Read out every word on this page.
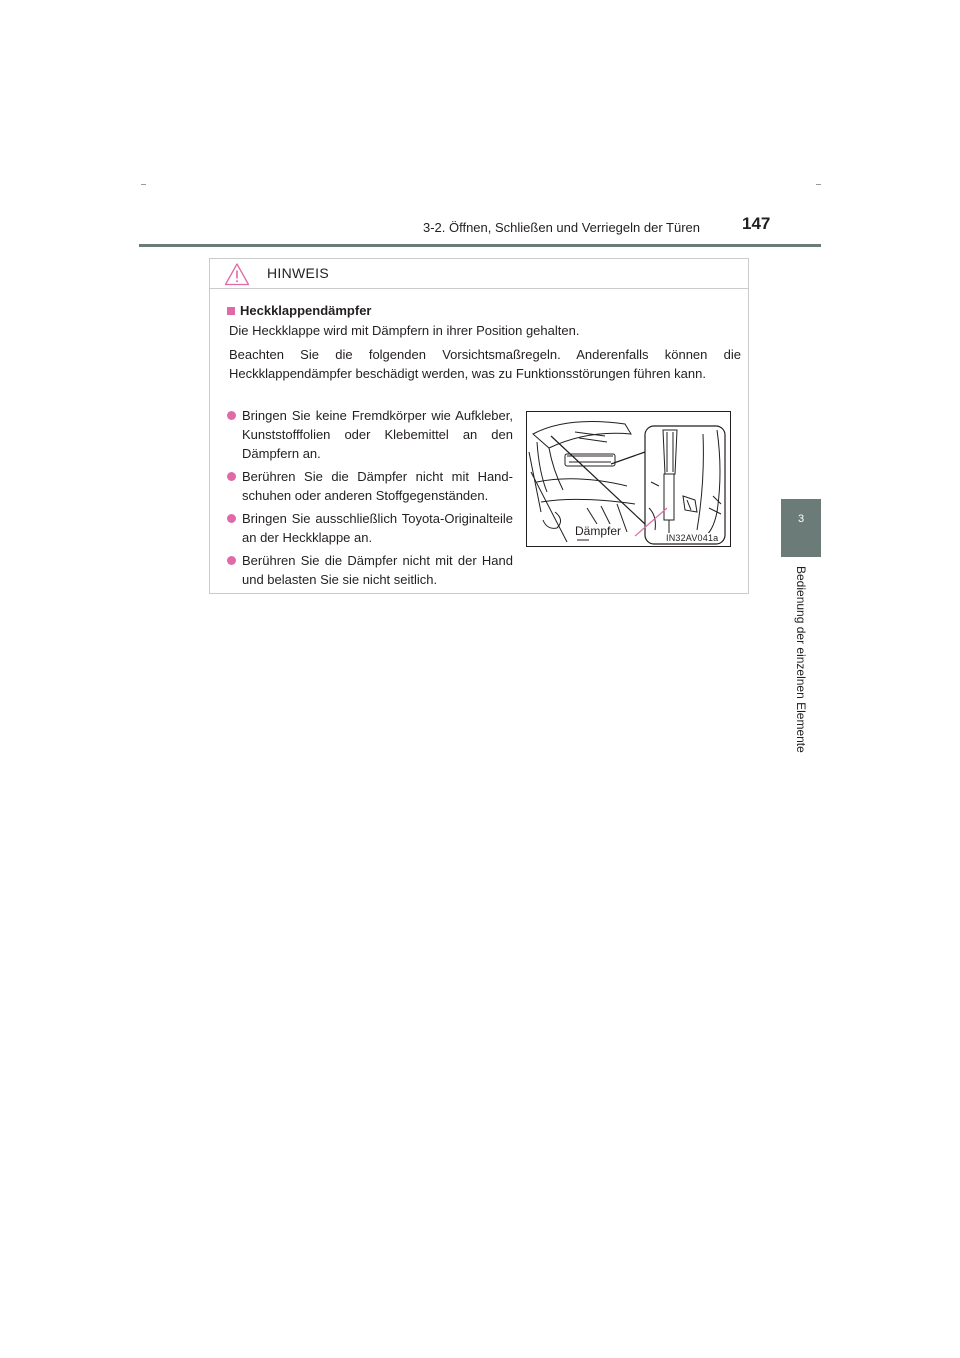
3-2. Öffnen, Schließen und Verriegeln der Türen 147
3
Bedienung der einzelnen Elemente
HINWEIS
Heckklappendämpfer
Die Heckklappe wird mit Dämpfern in ihrer Position gehalten.
Beachten Sie die folgenden Vorsichtsmaßregeln. Anderenfalls können die Heckklappendämpfer beschädigt werden, was zu Funktionsstörungen führen kann.
Bringen Sie keine Fremdkörper wie Aufkleber, Kunststofffolien oder Klebemittel an den Dämpfern an.
Berühren Sie die Dämpfer nicht mit Handschuhen oder anderen Stoffgegenständen.
Bringen Sie ausschließlich Toyota-Originalteile an der Heckklappe an.
Berühren Sie die Dämpfer nicht mit der Hand und belasten Sie sie nicht seitlich.
Dämpfer	IN32AV041a
